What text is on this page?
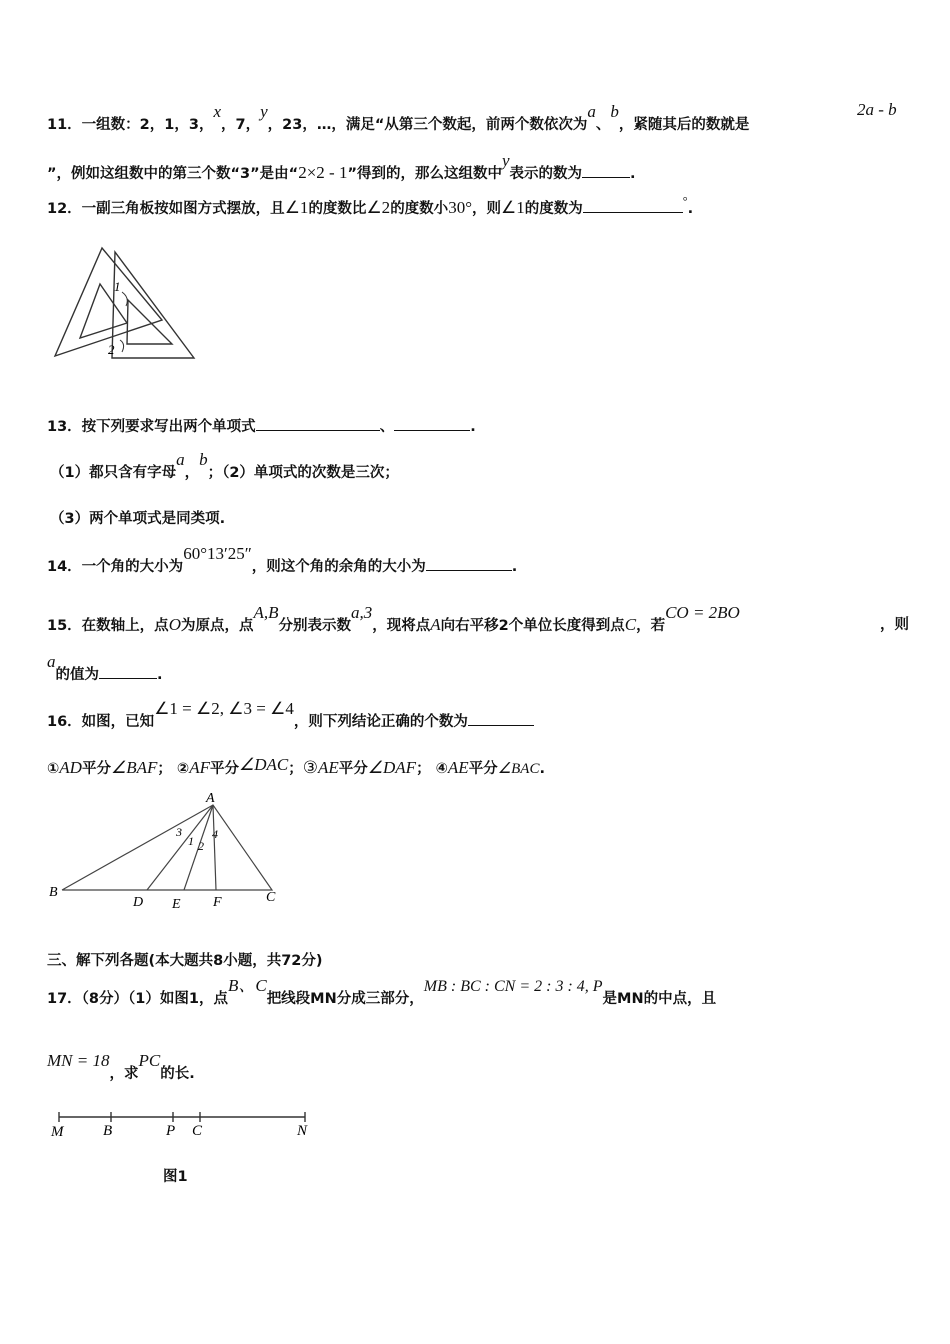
11．一组数：2，1，3，x，7，y，23，…，满足“从第三个数起，前两个数依次为a、b，紧随其后的数就是
2a - b
”，例如这组数中的第三个数“3”是由“2×2 - 1”得到的，那么这组数中y表示的数为	.
12．一副三角板按如图方式摆放，且∠1的度数比∠2的度数小30°，则∠1的度数为	°.
1
2
13．按下列要求写出两个单项式	、	.
（1）都只含有字母a，b；（2）单项式的次数是三次；
（3）两个单项式是同类项.
14．一个角的大小为60°13′25″，则这个角的余角的大小为	.
15．在数轴上，点O为原点，点A,B分别表示数a,3，现将点A向右平移2个单位长度得到点C，若CO = 2BO
，则
a的值为	.
16．如图，已知∠1 = ∠2, ∠3 = ∠4，则下列结论正确的个数为
①AD平分∠BAF； ②AF平分∠DAC；③AE平分∠DAF； ④AE平分∠BAC.
A
B	C
D E F
1 2
3	4
三、解下列各题(本大题共8小题，共72分)
17．（8分）（1）如图1，点B、C把线段MN分成三部分，MB : BC : CN = 2 : 3 : 4, P是MN的中点，且
MN = 18，求PC的长.
M	B	P C	N
图1
